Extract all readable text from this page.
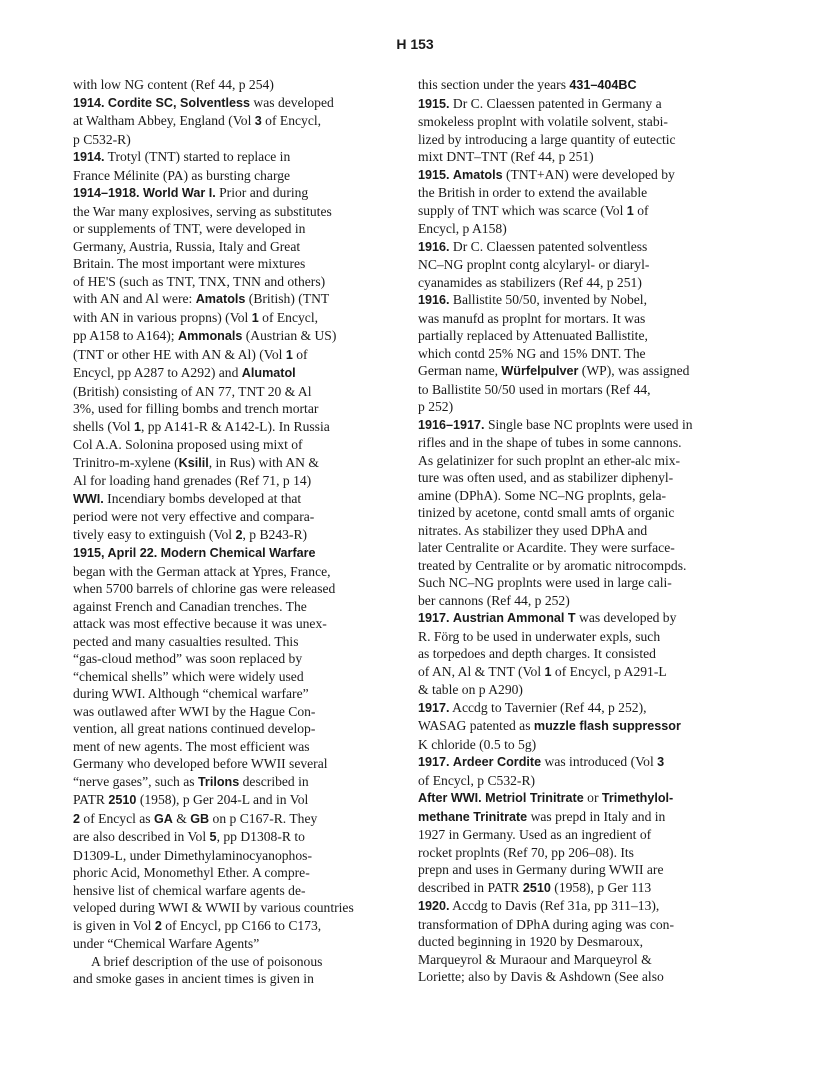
H 153
with low NG content (Ref 44, p 254)
1914. Cordite SC, Solventless was developed
at Waltham Abbey, England (Vol 3 of Encycl,
p C532-R)
1914. Trotyl (TNT) started to replace in
France Mélinite (PA) as bursting charge
1914–1918. World War I. Prior and during
the War many explosives, serving as substitutes
or supplements of TNT, were developed in
Germany, Austria, Russia, Italy and Great
Britain. The most important were mixtures
of HE'S (such as TNT, TNX, TNN and others)
with AN and Al were: Amatols (British) (TNT
with AN in various propns) (Vol 1 of Encycl,
pp A158 to A164); Ammonals (Austrian & US)
(TNT or other HE with AN & Al) (Vol 1 of
Encycl, pp A287 to A292) and Alumatol
(British) consisting of AN 77, TNT 20 & Al
3%, used for filling bombs and trench mortar
shells (Vol 1, pp A141-R & A142-L). In Russia
Col A.A. Solonina proposed using mixt of
Trinitro-m-xylene (Ksilil, in Rus) with AN &
Al for loading hand grenades (Ref 71, p 14)
WWI. Incendiary bombs developed at that
period were not very effective and compara-
tively easy to extinguish (Vol 2, p B243-R)
1915, April 22. Modern Chemical Warfare
began with the German attack at Ypres, France,
when 5700 barrels of chlorine gas were released
against French and Canadian trenches. The
attack was most effective because it was unex-
pected and many casualties resulted. This
“gas-cloud method” was soon replaced by
“chemical shells” which were widely used
during WWI. Although “chemical warfare”
was outlawed after WWI by the Hague Con-
vention, all great nations continued develop-
ment of new agents. The most efficient was
Germany who developed before WWII several
“nerve gases”, such as Trilons described in
PATR 2510 (1958), p Ger 204-L and in Vol
2 of Encycl as GA & GB on p C167-R. They
are also described in Vol 5, pp D1308-R to
D1309-L, under Dimethylaminocyanophos-
phoric Acid, Monomethyl Ether. A compre-
hensive list of chemical warfare agents de-
veloped during WWI & WWII by various countries
is given in Vol 2 of Encycl, pp C166 to C173,
under “Chemical Warfare Agents”
A brief description of the use of poisonous
and smoke gases in ancient times is given in
this section under the years 431–404BC
1915. Dr C. Claessen patented in Germany a
smokeless proplnt with volatile solvent, stabi-
lized by introducing a large quantity of eutectic
mixt DNT–TNT (Ref 44, p 251)
1915. Amatols (TNT+AN) were developed by
the British in order to extend the available
supply of TNT which was scarce (Vol 1 of
Encycl, p A158)
1916. Dr C. Claessen patented solventless
NC–NG proplnt contg alcylaryl- or diaryl-
cyanamides as stabilizers (Ref 44, p 251)
1916. Ballistite 50/50, invented by Nobel,
was manufd as proplnt for mortars. It was
partially replaced by Attenuated Ballistite,
which contd 25% NG and 15% DNT. The
German name, Würfelpulver (WP), was assigned
to Ballistite 50/50 used in mortars (Ref 44,
p 252)
1916–1917. Single base NC proplnts were used in
rifles and in the shape of tubes in some cannons.
As gelatinizer for such proplnt an ether-alc mix-
ture was often used, and as stabilizer diphenyl-
amine (DPhA). Some NC–NG proplnts, gela-
tinized by acetone, contd small amts of organic
nitrates. As stabilizer they used DPhA and
later Centralite or Acardite. They were surface-
treated by Centralite or by aromatic nitrocompds.
Such NC–NG proplnts were used in large cali-
ber cannons (Ref 44, p 252)
1917. Austrian Ammonal T was developed by
R. Förg to be used in underwater expls, such
as torpedoes and depth charges. It consisted
of AN, Al & TNT (Vol 1 of Encycl, p A291-L
& table on p A290)
1917. Accdg to Tavernier (Ref 44, p 252),
WASAG patented as muzzle flash suppressor
K chloride (0.5 to 5g)
1917. Ardeer Cordite was introduced (Vol 3
of Encycl, p C532-R)
After WWI. Metriol Trinitrate or Trimethylol-
methane Trinitrate was prepd in Italy and in
1927 in Germany. Used as an ingredient of
rocket proplnts (Ref 70, pp 206–08). Its
prepn and uses in Germany during WWII are
described in PATR 2510 (1958), p Ger 113
1920. Accdg to Davis (Ref 31a, pp 311–13),
transformation of DPhA during aging was con-
ducted beginning in 1920 by Desmaroux,
Marqueyrol & Muraour and Marqueyrol &
Loriette; also by Davis & Ashdown (See also
